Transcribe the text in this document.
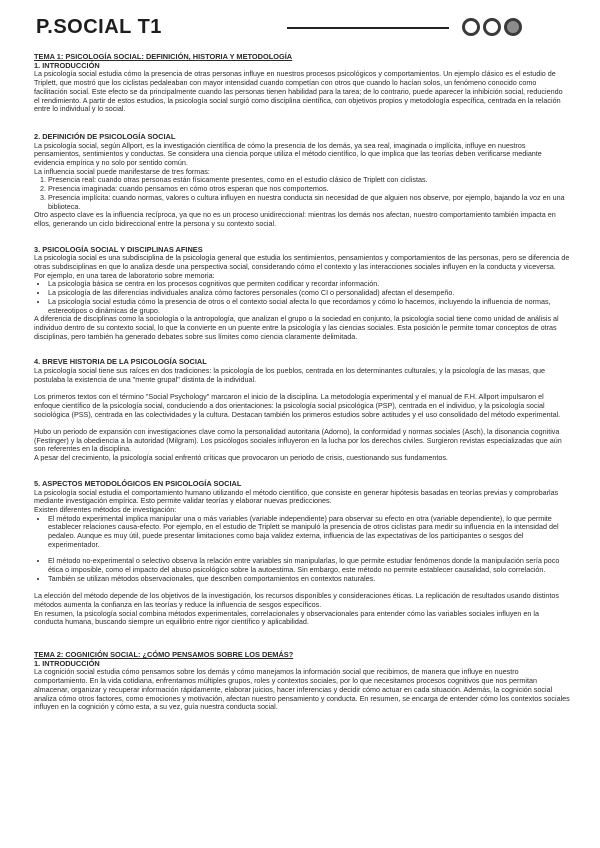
P.SOCIAL T1

TEMA 1: PSICOLOGÍA SOCIAL: DEFINICIÓN, HISTORIA Y METODOLOGÍA

1. INTRODUCCIÓN

La psicología social estudia cómo la presencia de otras personas influye en nuestros procesos psicológicos y comportamientos. Un ejemplo clásico es el estudio de Triplett, que mostró que los ciclistas pedaleaban con mayor intensidad cuando competían con otros que cuando lo hacían solos, un fenómeno conocido como facilitación social. Este efecto se da principalmente cuando las personas tienen habilidad para la tarea; de lo contrario, puede aparecer la inhibición social, reduciendo el rendimiento. A partir de estos estudios, la psicología social surgió como disciplina científica, con objetivos propios y metodología específica, centrada en la relación entre lo individual y lo social.

2. DEFINICIÓN DE PSICOLOGÍA SOCIAL

La psicología social, según Allport, es la investigación científica de cómo la presencia de los demás, ya sea real, imaginada o implícita, influye en nuestros pensamientos, sentimientos y conductas. Se considera una ciencia porque utiliza el método científico, lo que implica que las teorías deben verificarse mediante evidencia empírica y no solo por sentido común.

La influencia social puede manifestarse de tres formas:

1. Presencia real: cuando otras personas están físicamente presentes, como en el estudio clásico de Triplett con ciclistas.
2. Presencia imaginada: cuando pensamos en cómo otros esperan que nos comportemos.
3. Presencia implícita: cuando normas, valores o cultura influyen en nuestra conducta sin necesidad de que alguien nos observe, por ejemplo, bajando la voz en una biblioteca.

Otro aspecto clave es la influencia recíproca, ya que no es un proceso unidireccional: mientras los demás nos afectan, nuestro comportamiento también impacta en ellos, generando un ciclo bidireccional entre la persona y su contexto social.

3. PSICOLOGÍA SOCIAL Y DISCIPLINAS AFINES

La psicología social es una subdisciplina de la psicología general que estudia los sentimientos, pensamientos y comportamientos de las personas, pero se diferencia de otras subdisciplinas en que lo analiza desde una perspectiva social, considerando cómo el contexto y las interacciones sociales influyen en la conducta y viceversa.

Por ejemplo, en una tarea de laboratorio sobre memoria:

• La psicología básica se centra en los procesos cognitivos que permiten codificar y recordar información.
• La psicología de las diferencias individuales analiza cómo factores personales (como CI o personalidad) afectan el desempeño.
• La psicología social estudia cómo la presencia de otros o el contexto social afecta lo que recordamos y cómo lo hacemos, incluyendo la influencia de normas, estereotipos o dinámicas de grupo.

A diferencia de disciplinas como la sociología o la antropología, que analizan el grupo o la sociedad en conjunto, la psicología social tiene como unidad de análisis al individuo dentro de su contexto social, lo que la convierte en un puente entre la psicología y las ciencias sociales. Esta posición le permite tomar conceptos de otras disciplinas, pero también ha generado debates sobre sus límites como ciencia claramente delimitada.

4. BREVE HISTORIA DE LA PSICOLOGÍA SOCIAL

La psicología social tiene sus raíces en dos tradiciones: la psicología de los pueblos, centrada en los determinantes culturales, y la psicología de las masas, que postulaba la existencia de una "mente grupal" distinta de la individual.

Los primeros textos con el término "Social Psychology" marcaron el inicio de la disciplina. La metodología experimental y el manual de F.H. Allport impulsaron el enfoque científico de la psicología social, conduciendo a dos orientaciones: la psicología social psicológica (PSP), centrada en el individuo, y la psicología social sociológica (PSS), centrada en las colectividades y la cultura. Destacan también los primeros estudios sobre actitudes y el uso consolidado del método experimental.

Hubo un periodo de expansión con investigaciones clave como la personalidad autoritaria (Adorno), la conformidad y normas sociales (Asch), la disonancia cognitiva (Festinger) y la obediencia a la autoridad (Milgram). Los psicólogos sociales influyeron en la lucha por los derechos civiles. Surgieron revistas especializadas que aún son referentes en la disciplina.

A pesar del crecimiento, la psicología social enfrentó críticas que provocaron un periodo de crisis, cuestionando sus fundamentos.

5. ASPECTOS METODOLÓGICOS EN PSICOLOGÍA SOCIAL

La psicología social estudia el comportamiento humano utilizando el método científico, que consiste en generar hipótesis basadas en teorías previas y comprobarlas mediante investigación empírica. Esto permite validar teorías y elaborar nuevas predicciones.

Existen diferentes métodos de investigación:

• El método experimental implica manipular una o más variables (variable independiente) para observar su efecto en otra (variable dependiente), lo que permite establecer relaciones causa-efecto. Por ejemplo, en el estudio de Triplett se manipuló la presencia de otros ciclistas para medir su influencia en la intensidad del pedaleo. Aunque es muy útil, puede presentar limitaciones como baja validez externa, influencia de las expectativas de los participantes o sesgos del experimentador.
• El método no-experimental o selectivo observa la relación entre variables sin manipularlas, lo que permite estudiar fenómenos donde la manipulación sería poco ética o imposible, como el impacto del abuso psicológico sobre la autoestima. Sin embargo, este método no permite establecer causalidad, solo correlación.
• También se utilizan métodos observacionales, que describen comportamientos en contextos naturales.

La elección del método depende de los objetivos de la investigación, los recursos disponibles y consideraciones éticas. La replicación de resultados usando distintos métodos aumenta la confianza en las teorías y reduce la influencia de sesgos específicos.

En resumen, la psicología social combina métodos experimentales, correlacionales y observacionales para entender cómo las variables sociales influyen en la conducta humana, buscando siempre un equilibrio entre rigor científico y aplicabilidad.

TEMA 2: COGNICIÓN SOCIAL: ¿CÓMO PENSAMOS SOBRE LOS DEMÁS?

1. INTRODUCCIÓN

La cognición social estudia cómo pensamos sobre los demás y cómo manejamos la información social que recibimos, de manera que influye en nuestro comportamiento. En la vida cotidiana, enfrentamos múltiples grupos, roles y contextos sociales, por lo que necesitamos procesos cognitivos que nos permitan almacenar, organizar y recuperar información rápidamente, elaborar juicios, hacer inferencias y decidir cómo actuar en cada situación. Además, la cognición social analiza cómo otros factores, como emociones y motivación, afectan nuestro pensamiento y conducta. En resumen, se encarga de entender cómo los contextos sociales influyen en la cognición y cómo esta, a su vez, guía nuestra conducta social.
